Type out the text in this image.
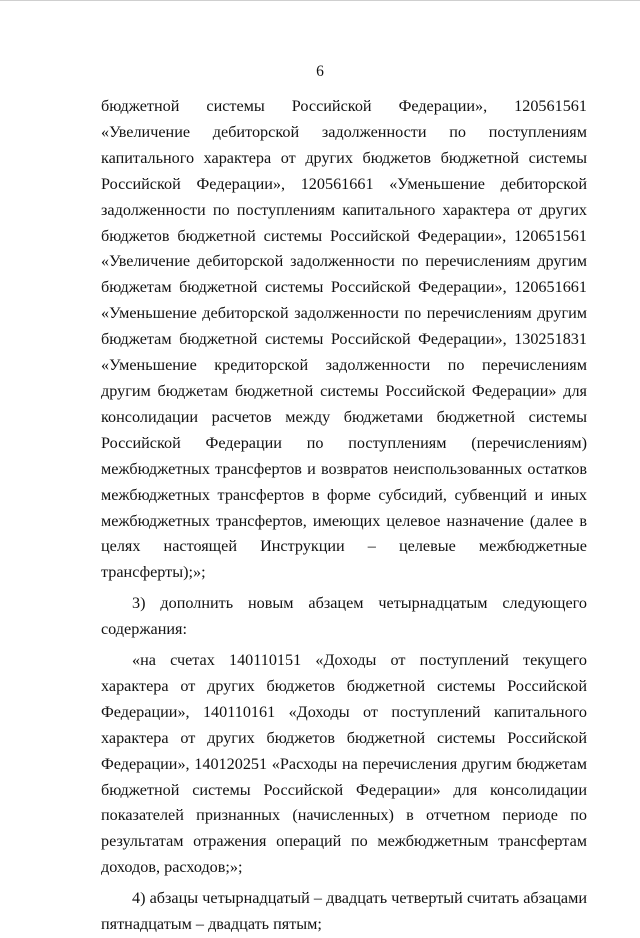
6

бюджетной системы Российской Федерации», 120561561 «Увеличение дебиторской задолженности по поступлениям капитального характера от других бюджетов бюджетной системы Российской Федерации», 120561661 «Уменьшение дебиторской задолженности по поступлениям капитального характера от других бюджетов бюджетной системы Российской Федерации», 120651561 «Увеличение дебиторской задолженности по перечислениям другим бюджетам бюджетной системы Российской Федерации», 120651661 «Уменьшение дебиторской задолженности по перечислениям другим бюджетам бюджетной системы Российской Федерации», 130251831 «Уменьшение кредиторской задолженности по перечислениям другим бюджетам бюджетной системы Российской Федерации» для консолидации расчетов между бюджетами бюджетной системы Российской Федерации по поступлениям (перечислениям) межбюджетных трансфертов и возвратов неиспользованных остатков межбюджетных трансфертов в форме субсидий, субвенций и иных межбюджетных трансфертов, имеющих целевое назначение (далее в целях настоящей Инструкции – целевые межбюджетные трансферты);»;

3) дополнить новым абзацем четырнадцатым следующего содержания:

«на счетах 140110151 «Доходы от поступлений текущего характера от других бюджетов бюджетной системы Российской Федерации», 140110161 «Доходы от поступлений капитального характера от других бюджетов бюджетной системы Российской Федерации», 140120251 «Расходы на перечисления другим бюджетам бюджетной системы Российской Федерации» для консолидации показателей признанных (начисленных) в отчетном периоде по результатам отражения операций по межбюджетным трансфертам доходов, расходов;»;

4) абзацы четырнадцатый – двадцать четвертый считать абзацами пятнадцатым – двадцать пятым;
